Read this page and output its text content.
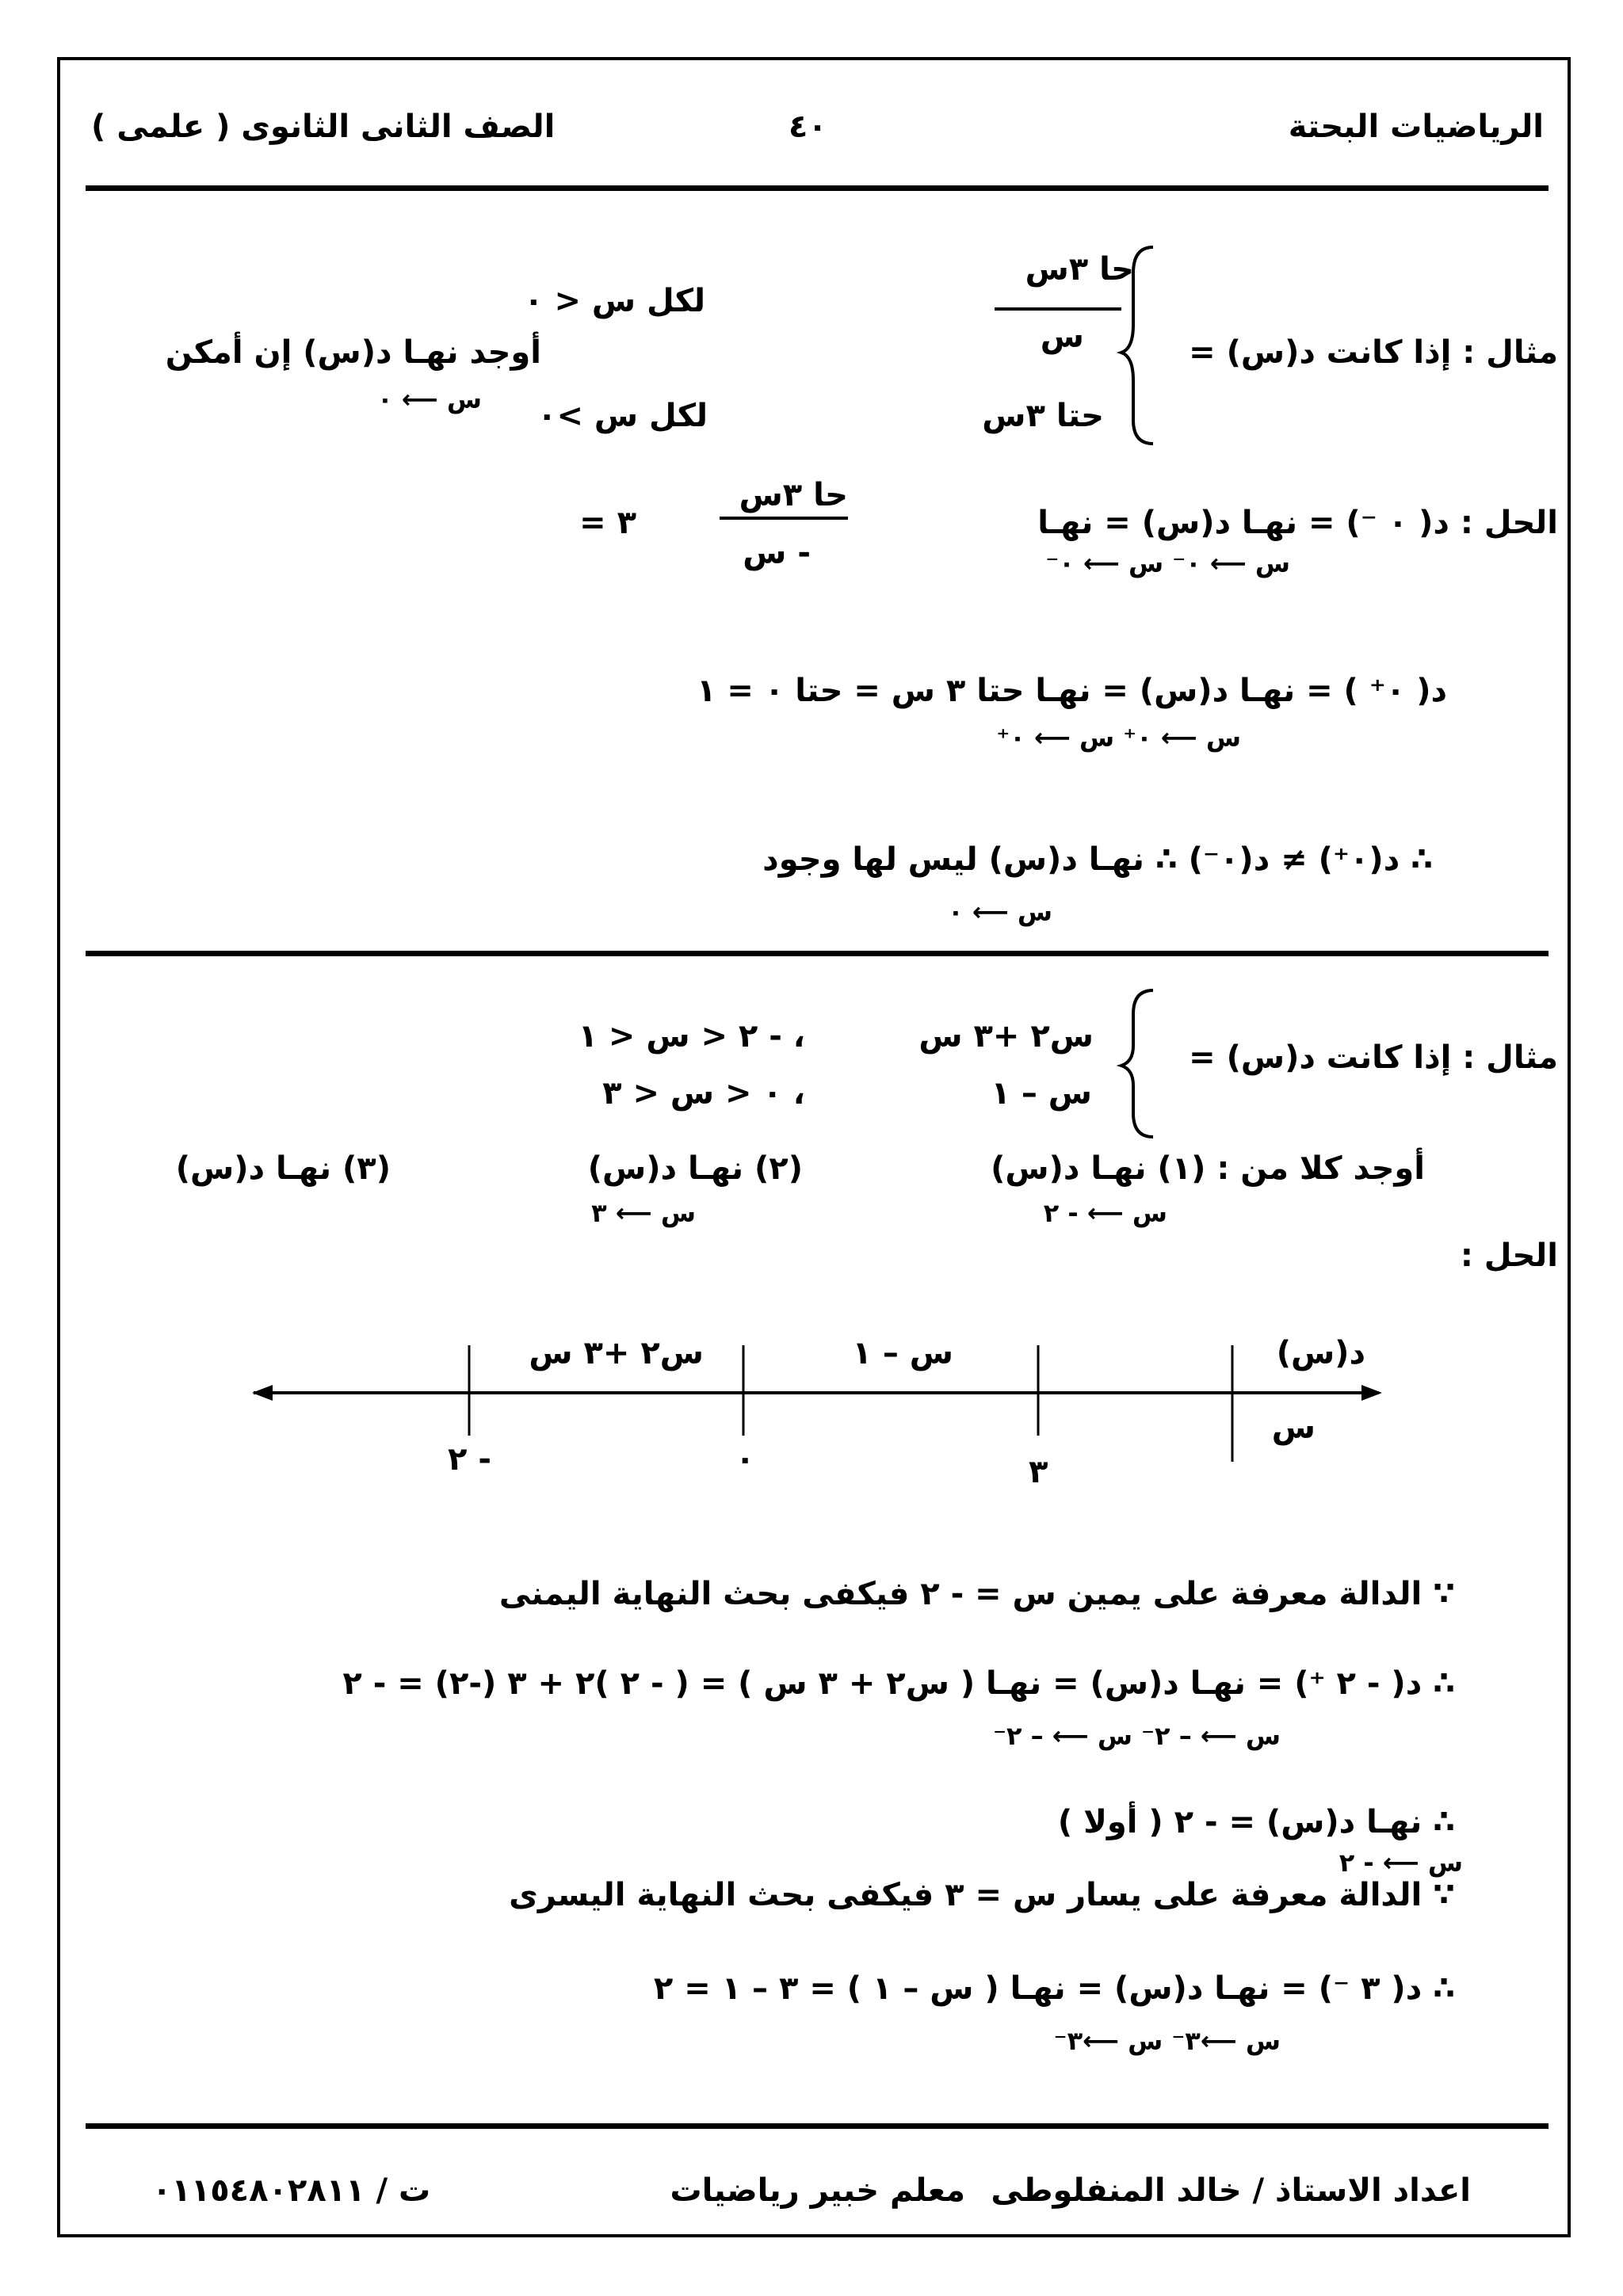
الرياضيات البحتة
٤٠
الصف الثانى الثانوى ( علمى )
مثال : إذا كانت د(س) =
حا ٣س
س
لكل س < ٠
حتا ٣س
لكل س >٠
أوجد نهـا د(س) إن أمكن
س ⟵ ٠
الحل : د( ٠ ⁻) = نهـا د(س) = نهـا
س ⟵ ٠⁻ س ⟵ ٠⁻
حا ٣س
- س
= ٣
د( ٠⁺ ) = نهـا د(س) = نهـا حتا ٣ س = حتا ٠ = ١
س ⟵ ٠⁺ س ⟵ ٠⁺
∴ د(٠⁺) ≠ د(٠⁻) ∴ نهـا د(س) ليس لها وجود
س ⟵ ٠
مثال : إذا كانت د(س) =
س٢ +٣ س
، - ٢ < س < ١
س – ١
، ٠ < س < ٣
أوجد كلا من : (١) نهـا د(س)
س ⟵ - ٢
(٢) نهـا د(س)
س ⟵ ٣
(٣) نهـا د(س)
الحل :
د(س)
س
س – ١
س٢ +٣ س
٣
٠
٢ -
∵ الدالة معرفة على يمين س = - ٢ فيكفى بحث النهاية اليمنى
∴ د( - ٢ ⁺) = نهـا د(س) = نهـا ( س٢ + ٣ س ) = ( - ٢ )٢ + ٣ (-٢) = - ٢
س ⟵ – ٢⁻ س ⟵ – ٢⁻
∴ نهـا د(س) = - ٢ ( أولا )
س ⟵ - ٢
∵ الدالة معرفة على يسار س = ٣ فيكفى بحث النهاية اليسرى
∴ د( ٣ ⁻) = نهـا د(س) = نهـا ( س – ١ ) = ٣ – ١ = ٢
س ⟵٣⁻ س ⟵٣⁻
اعداد الاستاذ / خالد المنفلوطى
معلم خبير رياضيات
ت / ٠١١٥٤٨٠٢٨١١
